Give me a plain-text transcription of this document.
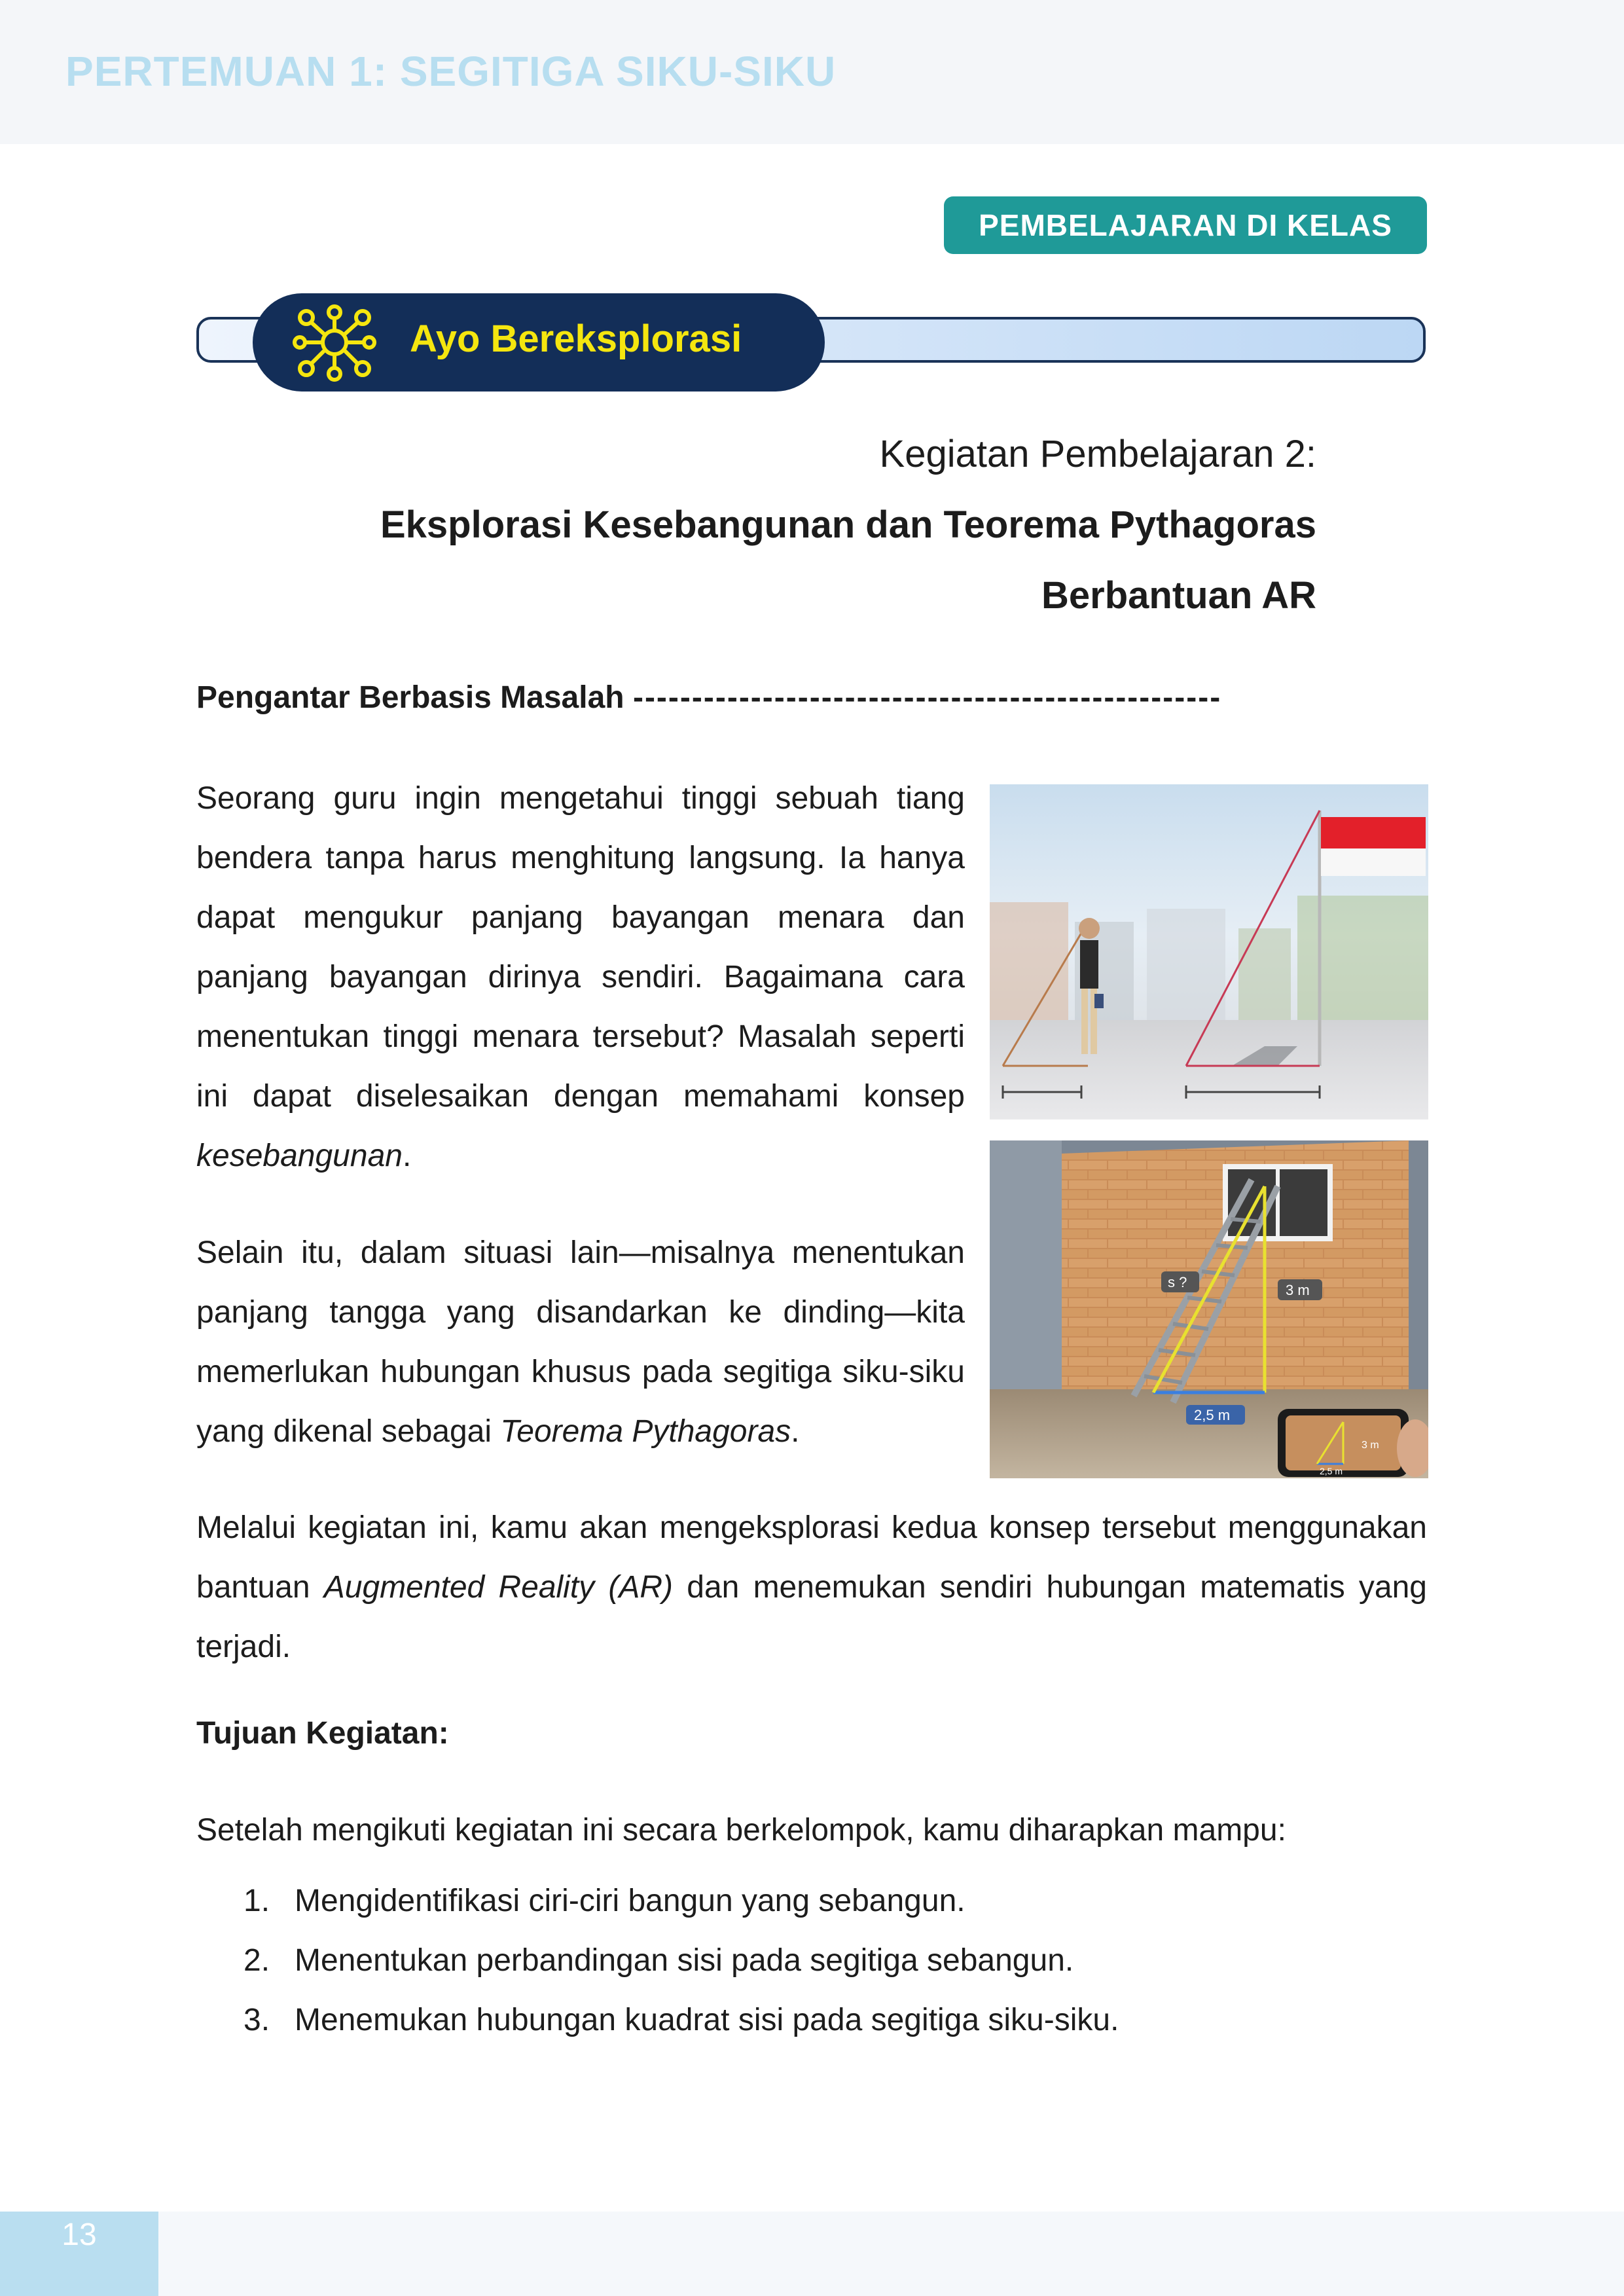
PERTEMUAN 1: SEGITIGA SIKU-SIKU
PEMBELAJARAN DI KELAS
Ayo Bereksplorasi
Kegiatan Pembelajaran 2:
Eksplorasi Kesebangunan dan Teorema Pythagoras
Berbantuan AR
Pengantar Berbasis Masalah --------------------------------------------------
Seorang guru ingin mengetahui tinggi sebuah tiang bendera tanpa harus menghitung langsung. Ia hanya dapat mengukur panjang bayangan menara dan panjang bayangan dirinya sendiri. Bagaimana cara menentukan tinggi menara tersebut? Masalah seperti ini dapat diselesaikan dengan memahami konsep kesebangunan.
Selain itu, dalam situasi lain—misalnya menentukan panjang tangga yang disandarkan ke dinding—kita memerlukan hubungan khusus pada segitiga siku-siku yang dikenal sebagai Teorema Pythagoras.
Melalui kegiatan ini, kamu akan mengeksplorasi kedua konsep tersebut menggunakan bantuan Augmented Reality (AR) dan menemukan sendiri hubungan matematis yang terjadi.
s ?	3 m
2,5 m
3 m
2,5 m
Tujuan Kegiatan:
Setelah mengikuti kegiatan ini secara berkelompok, kamu diharapkan mampu:
1. Mengidentifikasi ciri-ciri bangun yang sebangun.
2. Menentukan perbandingan sisi pada segitiga sebangun.
3. Menemukan hubungan kuadrat sisi pada segitiga siku-siku.
13
